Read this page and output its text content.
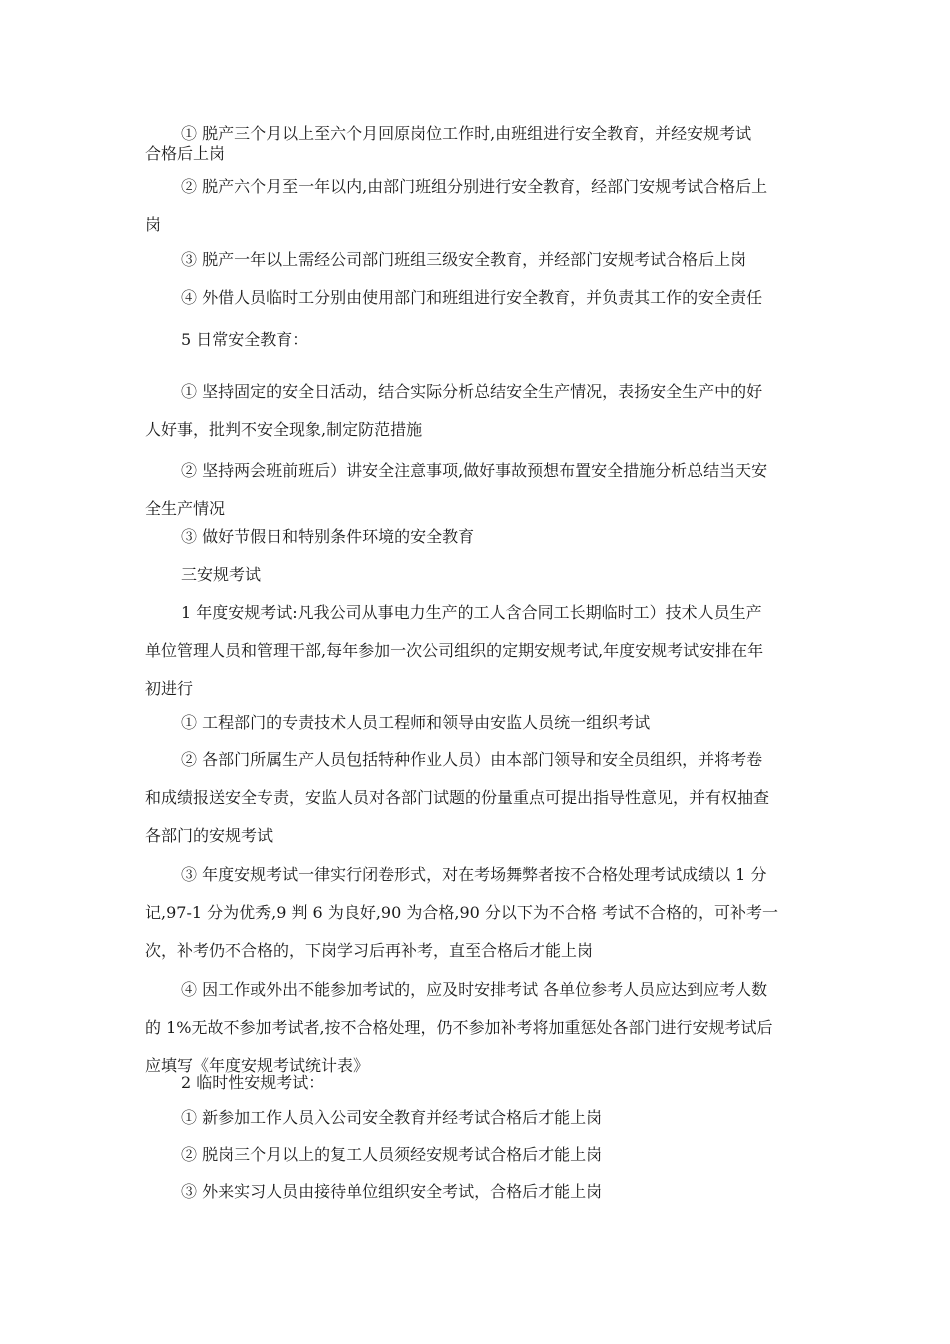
① 脱产三个月以上至六个月回原岗位工作时,由班组进行安全教育，并经安规考试
合格后上岗
② 脱产六个月至一年以内,由部门班组分别进行安全教育，经部门安规考试合格后上
岗
③ 脱产一年以上需经公司部门班组三级安全教育，并经部门安规考试合格后上岗
④ 外借人员临时工分别由使用部门和班组进行安全教育，并负责其工作的安全责任
5 日常安全教育：
① 坚持固定的安全日活动，结合实际分析总结安全生产情况，表扬安全生产中的好
人好事，批判不安全现象,制定防范措施
② 坚持两会班前班后）讲安全注意事项,做好事故预想布置安全措施分析总结当天安
全生产情况
③ 做好节假日和特别条件环境的安全教育
三安规考试
1 年度安规考试:凡我公司从事电力生产的工人含合同工长期临时工）技术人员生产
单位管理人员和管理干部,每年参加一次公司组织的定期安规考试,年度安规考试安排在年
初进行
① 工程部门的专责技术人员工程师和领导由安监人员统一组织考试
② 各部门所属生产人员包括特种作业人员）由本部门领导和安全员组织，并将考卷
和成绩报送安全专责，安监人员对各部门试题的份量重点可提出指导性意见，并有权抽查
各部门的安规考试
③ 年度安规考试一律实行闭卷形式，对在考场舞弊者按不合格处理考试成绩以 1 分
记,97-1 分为优秀,9 判 6 为良好,90 为合格,90 分以下为不合格 考试不合格的，可补考一
次，补考仍不合格的，下岗学习后再补考，直至合格后才能上岗
④ 因工作或外出不能参加考试的，应及时安排考试 各单位参考人员应达到应考人数
的 1%无故不参加考试者,按不合格处理，仍不参加补考将加重惩处各部门进行安规考试后
应填写《年度安规考试统计表》
2 临时性安规考试：
① 新参加工作人员入公司安全教育并经考试合格后才能上岗
② 脱岗三个月以上的复工人员须经安规考试合格后才能上岗
③ 外来实习人员由接待单位组织安全考试，合格后才能上岗
